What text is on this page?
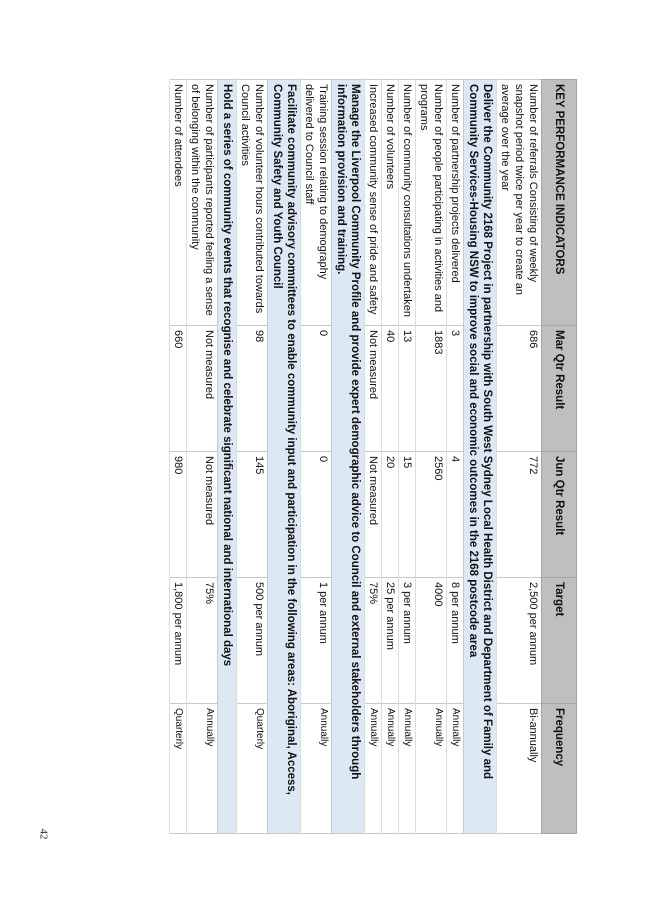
42
KEY PERFORMANCE INDICATORS	Mar Qtr Result	Jun Qtr Result	Target	Frequency
Number of referrals Consisting of weekly snapshot period twice per year to create an average over the year	686	772	2,500 per annum	Bi-annually
Deliver the Community 2168 Project in partnership with South West Sydney Local Health District and Department of Family and Community Services-Housing NSW to improve social and economic outcomes in the 2168 postcode area				
Number of partnership projects delivered	3	4	8 per annum	Annually
Number of people participating in activities and programs	1883	2560	4000	Annually
Number of community consultations undertaken	13	15	3 per annum	Annually
Number of volunteers	40	20	25 per annum	Annually
Increased community sense of pride and safety	Not measured	Not measured	75%	Annually
Manage the Liverpool Community Profile and provide expert demographic advice to Council and external stakeholders through information provision and training.				
Training session relating to demography delivered to Council staff	0	0	1 per annum	Annually
Facilitate community advisory committees to enable community input and participation in the following areas: Aboriginal, Access, Community Safety and Youth Council				
Number of volunteer hours contributed towards Council activities	98	145	500 per annum	Quarterly
Hold a series of community events that recognise and celebrate significant national and international days				
Number of participants reported feeling a sense of belonging within the community	Not measured	Not measured	75%	Annually
Number of attendees	660	980	1,800 per annum	Quarterly
